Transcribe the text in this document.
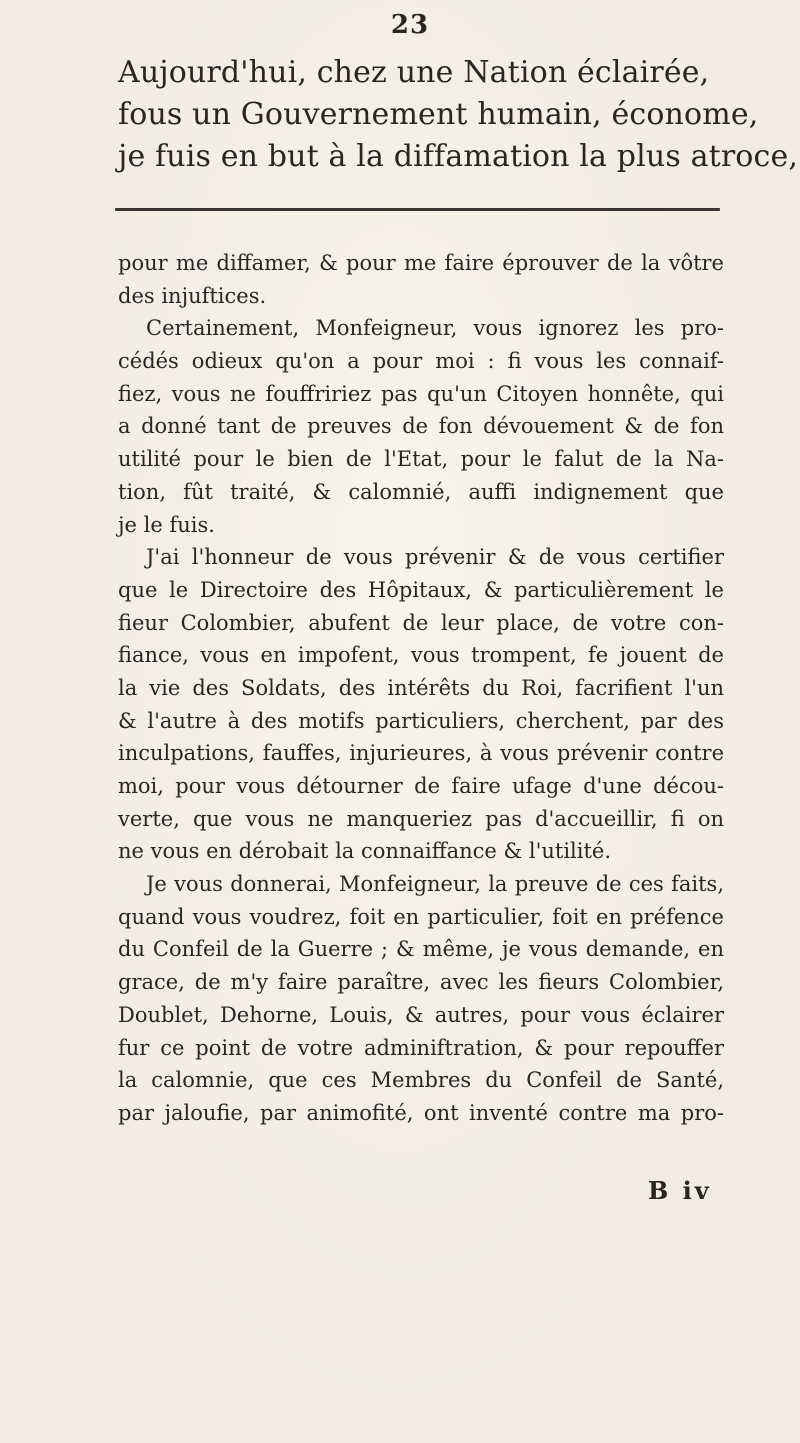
23
Aujourd'hui, chez une Nation éclairée,
fous un Gouvernement humain, économe,
je fuis en but à la diffamation la plus atroce,
pour me diffamer, & pour me faire éprouver de la vôtre
des injuftices.
Certainement, Monfeigneur, vous ignorez les pro-
cédés odieux qu'on a pour moi : fi vous les connaif-
fiez, vous ne fouffririez pas qu'un Citoyen honnête, qui
a donné tant de preuves de fon dévouement & de fon
utilité pour le bien de l'Etat, pour le falut de la Na-
tion, fût traité, & calomnié, auffi indignement que
je le fuis.
J'ai l'honneur de vous prévenir & de vous certifier
que le Directoire des Hôpitaux, & particulièrement le
fieur Colombier, abufent de leur place, de votre con-
fiance, vous en impofent, vous trompent, fe jouent de
la vie des Soldats, des intérêts du Roi, facrifient l'un
& l'autre à des motifs particuliers, cherchent, par des
inculpations, fauffes, injurieures, à vous prévenir contre
moi, pour vous détourner de faire ufage d'une décou-
verte, que vous ne manqueriez pas d'accueillir, fi on
ne vous en dérobait la connaiffance & l'utilité.
Je vous donnerai, Monfeigneur, la preuve de ces faits,
quand vous voudrez, foit en particulier, foit en préfence
du Confeil de la Guerre ; & même, je vous demande, en
grace, de m'y faire paraître, avec les fieurs Colombier,
Doublet, Dehorne, Louis, & autres, pour vous éclairer
fur ce point de votre adminiftration, & pour repouffer
la calomnie, que ces Membres du Confeil de Santé,
par jaloufie, par animofité, ont inventé contre ma pro-
B iv
